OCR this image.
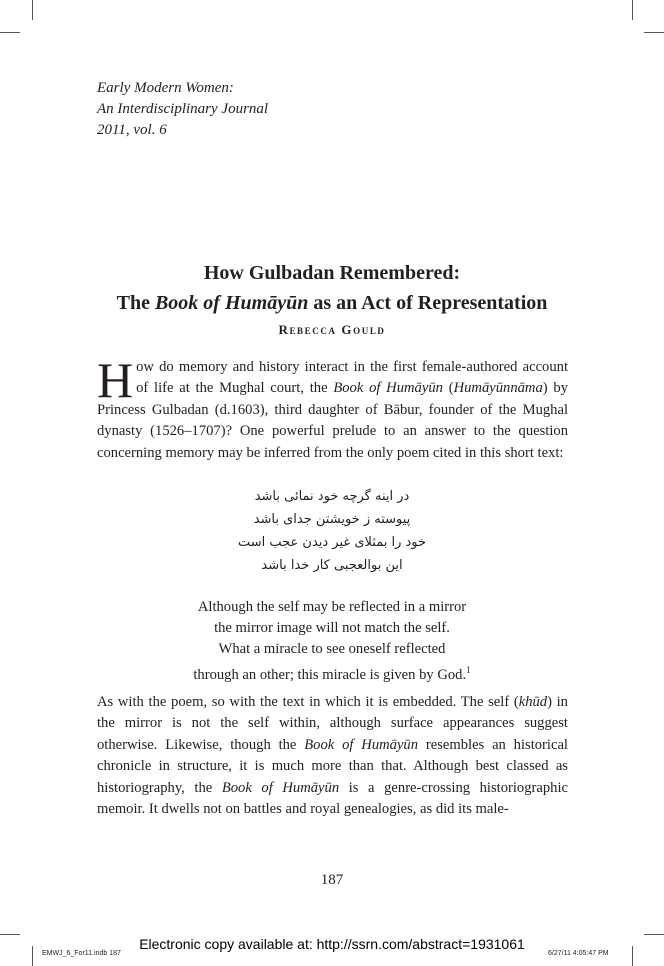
Early Modern Women:
An Interdisciplinary Journal
2011, vol. 6
How Gulbadan Remembered:
The Book of Humāyūn as an Act of Representation
Rebecca Gould
How do memory and history interact in the first female-authored account of life at the Mughal court, the Book of Humāyūn (Humāyūnnāma) by Princess Gulbadan (d.1603), third daughter of Bābur, founder of the Mughal dynasty (1526–1707)? One powerful prelude to an answer to the question concerning memory may be inferred from the only poem cited in this short text:
در اینه گرچه خود نمائی باشد
پیوسته ز خویشتن جدای باشد
خود را بمثلای غیر دیدن عجب است
این بوالعجبی کار خدا باشد
Although the self may be reflected in a mirror
the mirror image will not match the self.
What a miracle to see oneself reflected
through an other; this miracle is given by God.$^1$
As with the poem, so with the text in which it is embedded. The self (khūd) in the mirror is not the self within, although surface appearances suggest otherwise. Likewise, though the Book of Humāyūn resembles an historical chronicle in structure, it is much more than that. Although best classed as historiography, the Book of Humāyūn is a genre-crossing historiographic memoir. It dwells not on battles and royal genealogies, as did its male-
187
Electronic copy available at: http://ssrn.com/abstract=1931061
EMWJ_6_For11.indb 187	6/27/11 4:05:47 PM
